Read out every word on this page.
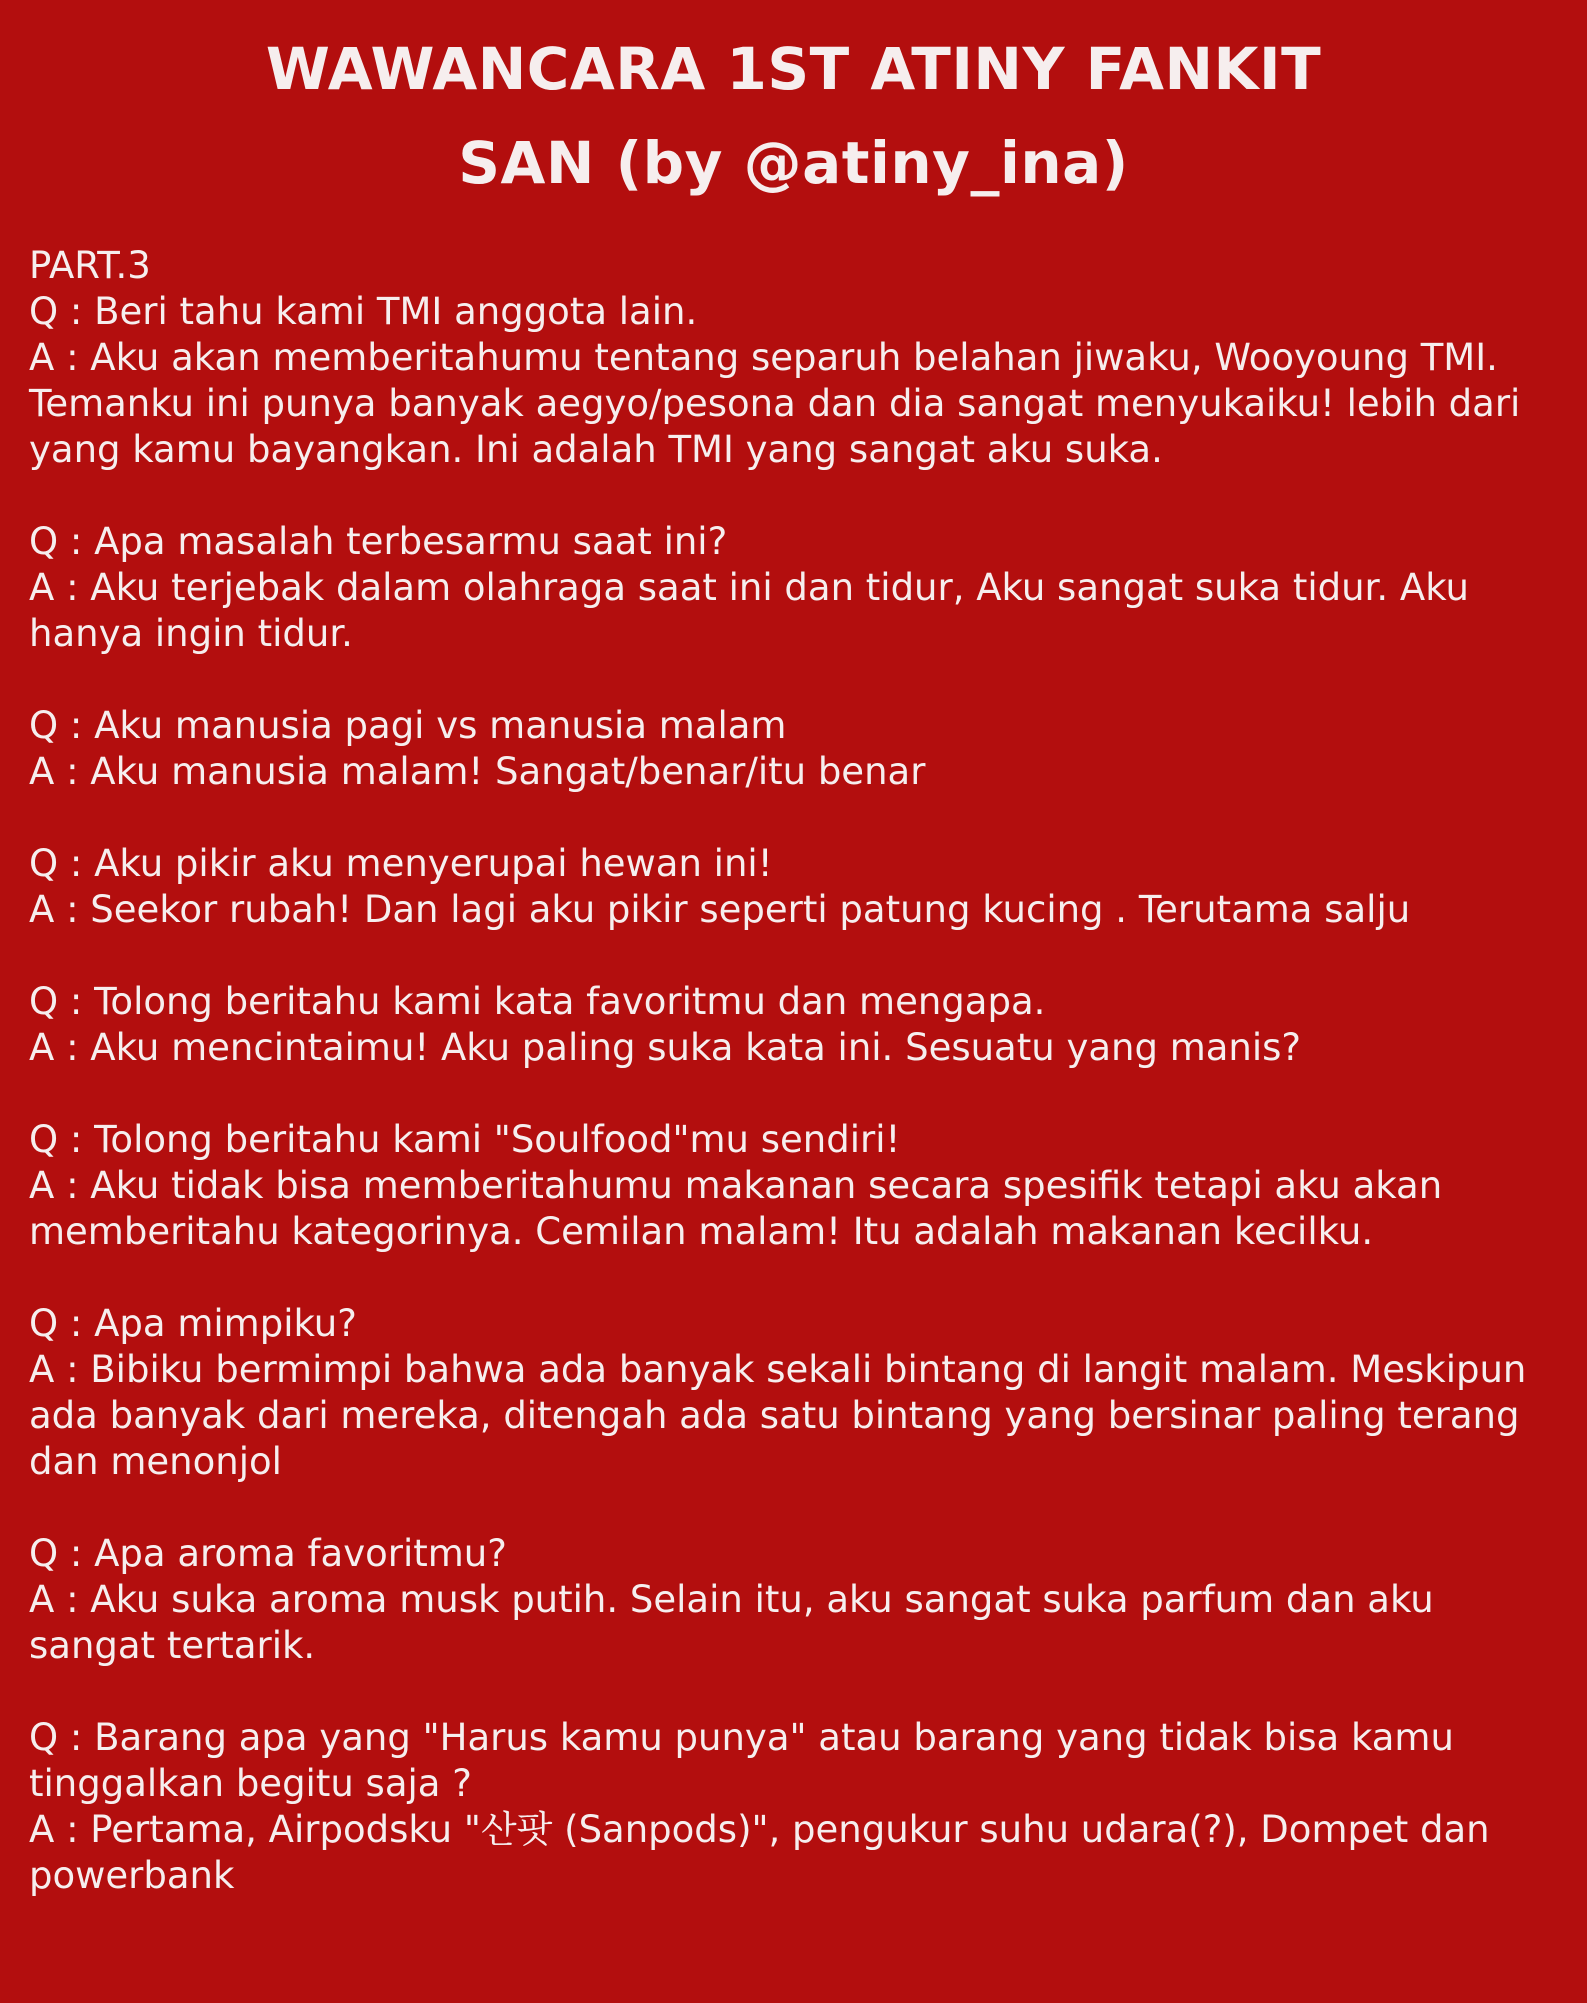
WAWANCARA 1ST ATINY FANKIT
SAN (by @atiny_ina)
PART.3
Q : Beri tahu kami TMI anggota lain.
A : Aku akan memberitahumu tentang separuh belahan jiwaku, Wooyoung TMI. Temanku ini punya banyak aegyo/pesona dan dia sangat menyukaiku! lebih dari yang kamu bayangkan. Ini adalah TMI yang sangat aku suka.
Q : Apa masalah terbesarmu saat ini?
A : Aku terjebak dalam olahraga saat ini dan tidur, Aku sangat suka tidur. Aku hanya ingin tidur.
Q : Aku manusia pagi vs manusia malam
A : Aku manusia malam! Sangat/benar/itu benar
Q : Aku pikir aku menyerupai hewan ini!
A : Seekor rubah! Dan lagi aku pikir seperti patung kucing . Terutama salju
Q : Tolong beritahu kami kata favoritmu dan mengapa.
A : Aku mencintaimu! Aku paling suka kata ini. Sesuatu yang manis?
Q : Tolong beritahu kami "Soulfood"mu sendiri!
A : Aku tidak bisa memberitahumu makanan secara spesifik tetapi aku akan memberitahu kategorinya. Cemilan malam! Itu adalah makanan kecilku.
Q : Apa mimpiku?
A : Bibiku bermimpi bahwa ada banyak sekali bintang di langit malam. Meskipun ada banyak dari mereka, ditengah ada satu bintang yang bersinar paling terang dan menonjol
Q : Apa aroma favoritmu?
A : Aku suka aroma musk putih. Selain itu, aku sangat suka parfum dan aku sangat tertarik.
Q : Barang apa yang "Harus kamu punya" atau barang yang tidak bisa kamu tinggalkan begitu saja ?
A : Pertama, Airpodsku "산팟 (Sanpods)", pengukur suhu udara(?), Dompet dan powerbank
